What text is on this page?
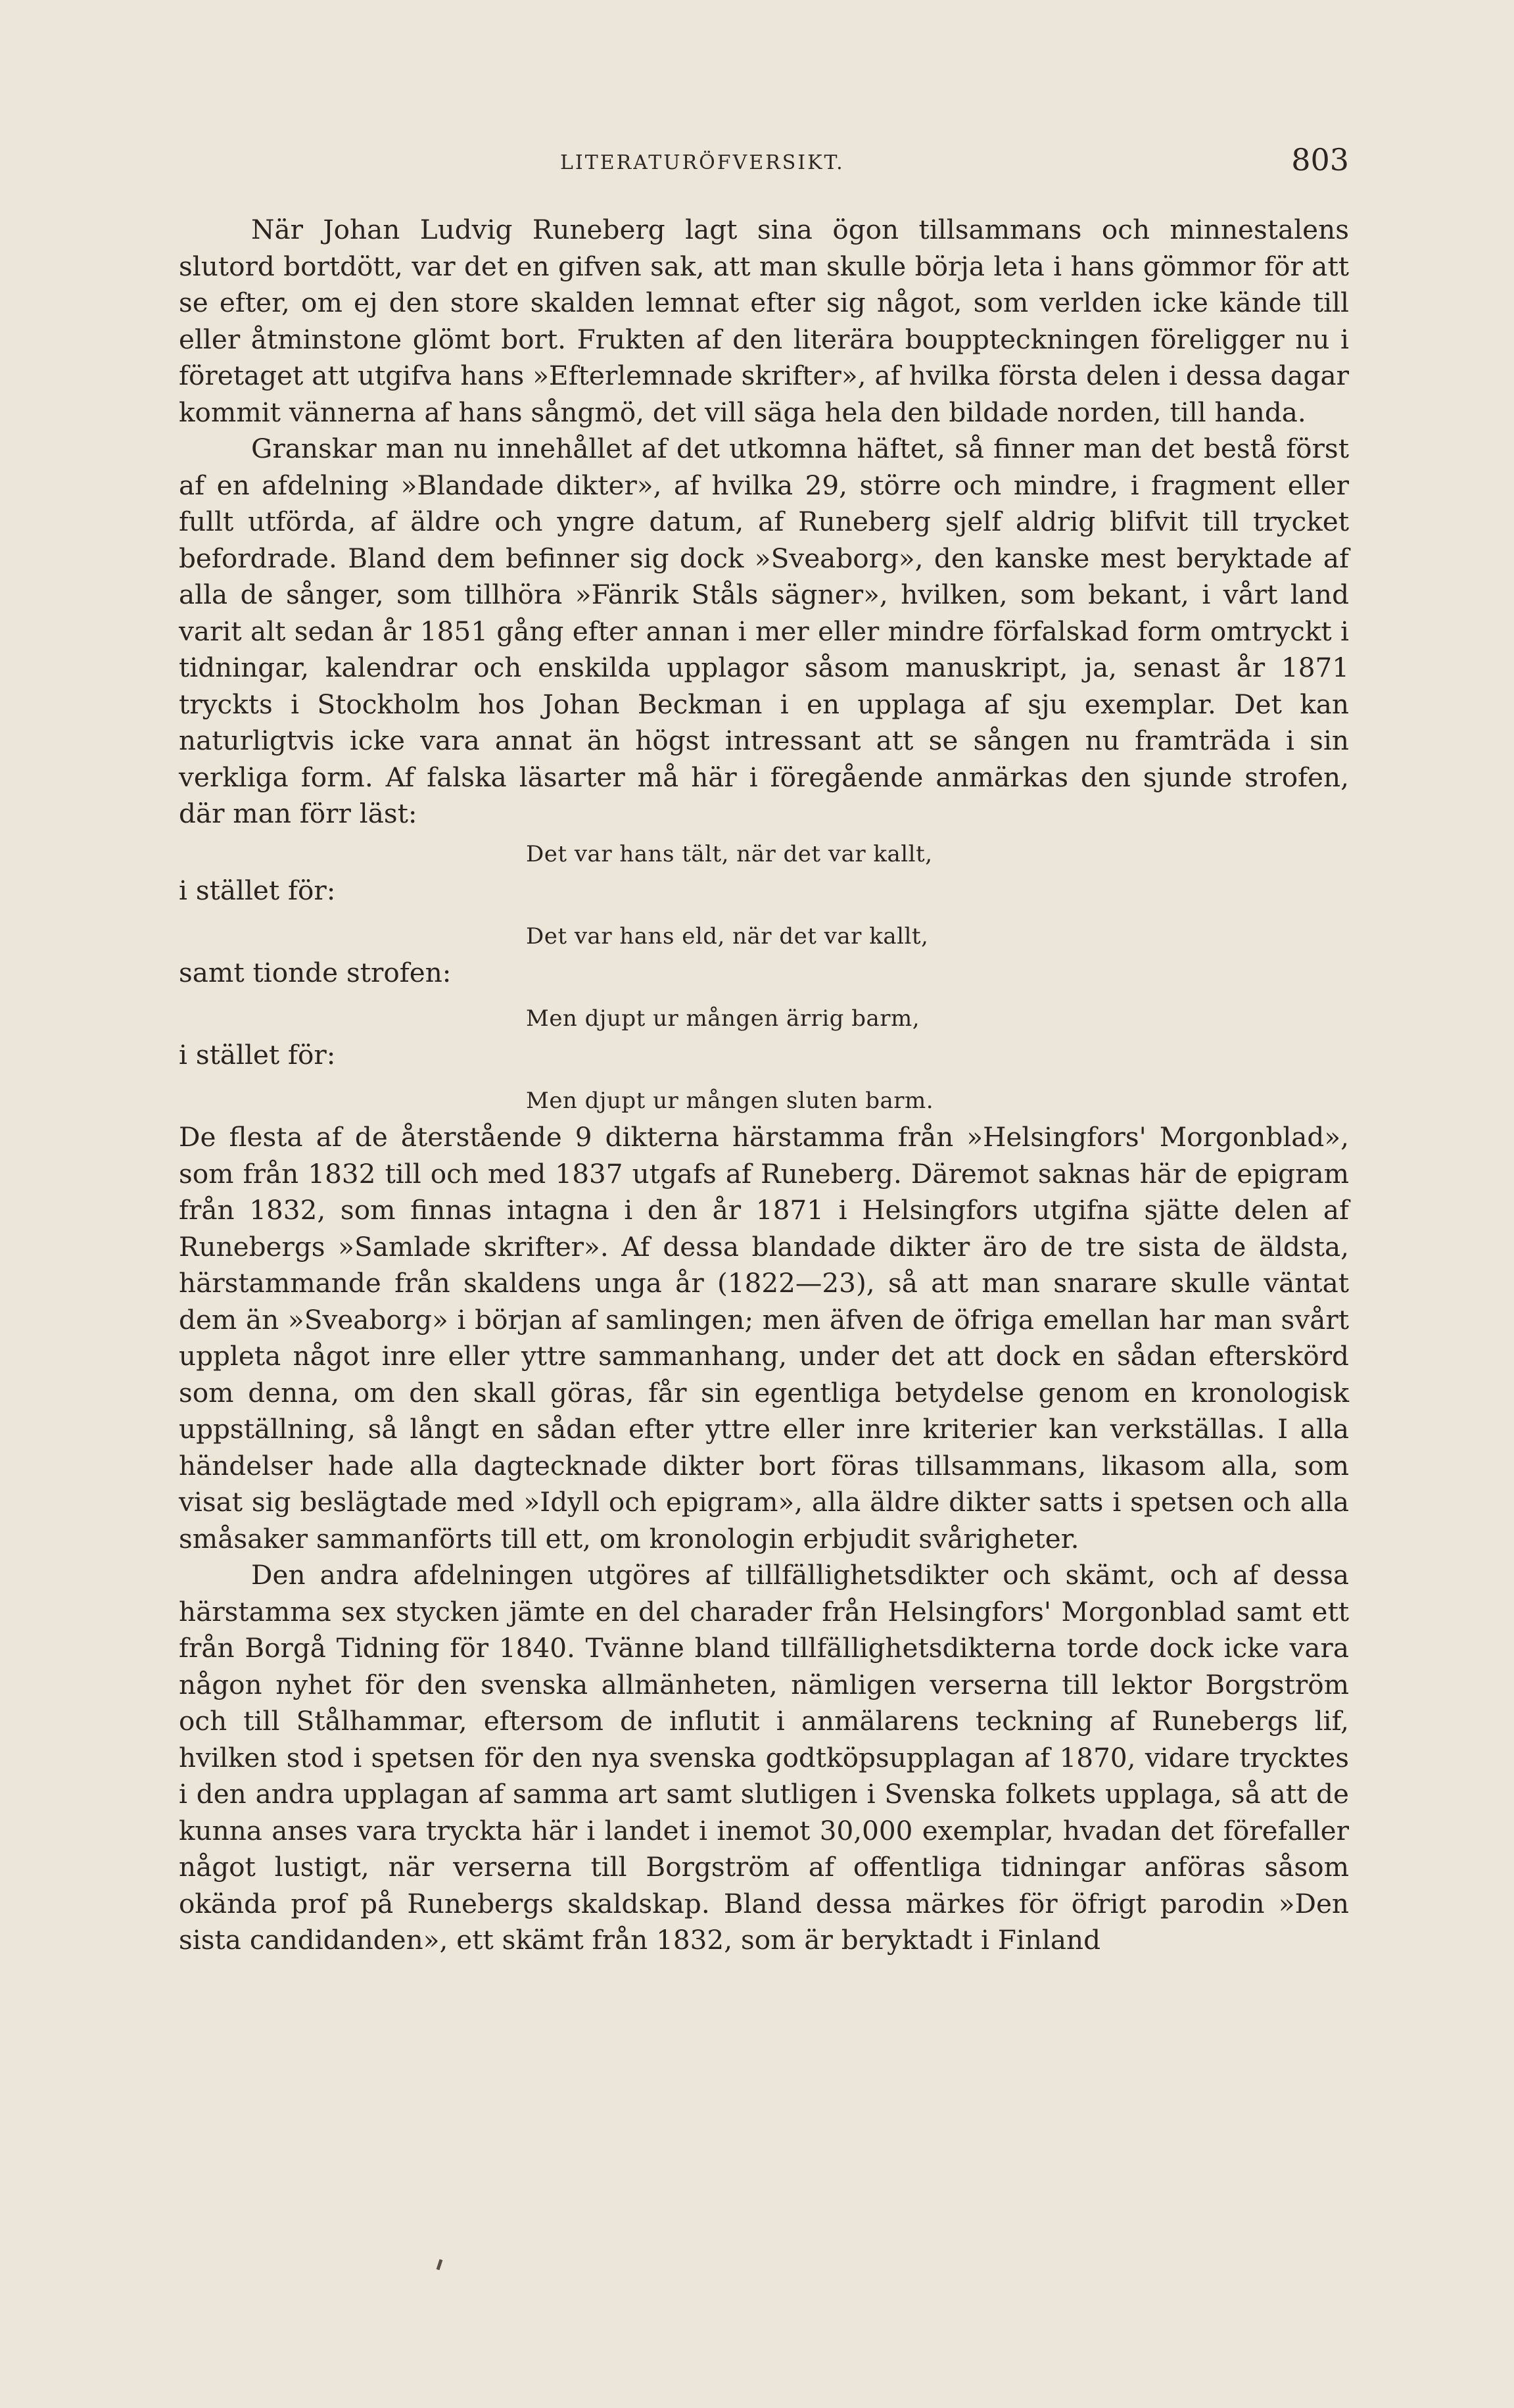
LITERATURÖFVERSIKT.	803

När Johan Ludvig Runeberg lagt sina ögon tillsammans och minnestalens slutord bortdött, var det en gifven sak, att man skulle börja leta i hans gömmor för att se efter, om ej den store skalden lemnat efter sig något, som verlden icke kände till eller åtminstone glömt bort. Frukten af den literära bouppteckningen föreligger nu i företaget att utgifva hans »Efterlemnade skrifter», af hvilka första delen i dessa dagar kommit vännerna af hans sångmö, det vill säga hela den bildade norden, till handa.

Granskar man nu innehållet af det utkomna häftet, så finner man det bestå först af en afdelning »Blandade dikter», af hvilka 29, större och mindre, i fragment eller fullt utförda, af äldre och yngre datum, af Runeberg sjelf aldrig blifvit till trycket befordrade. Bland dem befinner sig dock »Sveaborg», den kanske mest beryktade af alla de sånger, som tillhöra »Fänrik Ståls sägner», hvilken, som bekant, i vårt land varit alt sedan år 1851 gång efter annan i mer eller mindre förfalskad form omtryckt i tidningar, kalendrar och enskilda upplagor såsom manuskript, ja, senast år 1871 tryckts i Stockholm hos Johan Beckman i en upplaga af sju exemplar. Det kan naturligtvis icke vara annat än högst intressant att se sången nu framträda i sin verkliga form. Af falska läsarter må här i föregående anmärkas den sjunde strofen, där man förr läst:

Det var hans tält, när det var kallt,

i stället för:

Det var hans eld, när det var kallt,

samt tionde strofen:

Men djupt ur mången ärrig barm,

i stället för:

Men djupt ur mången sluten barm.

De flesta af de återstående 9 dikterna härstamma från »Helsingfors' Morgonblad», som från 1832 till och med 1837 utgafs af Runeberg. Däremot saknas här de epigram från 1832, som finnas intagna i den år 1871 i Helsingfors utgifna sjätte delen af Runebergs »Samlade skrifter». Af dessa blandade dikter äro de tre sista de äldsta, härstammande från skaldens unga år (1822—23), så att man snarare skulle väntat dem än »Sveaborg» i början af samlingen; men äfven de öfriga emellan har man svårt uppleta något inre eller yttre sammanhang, under det att dock en sådan efterskörd som denna, om den skall göras, får sin egentliga betydelse genom en kronologisk uppställning, så långt en sådan efter yttre eller inre kriterier kan verkställas. I alla händelser hade alla dagtecknade dikter bort föras tillsammans, likasom alla, som visat sig beslägtade med »Idyll och epigram», alla äldre dikter satts i spetsen och alla småsaker sammanförts till ett, om kronologin erbjudit svårigheter.

Den andra afdelningen utgöres af tillfällighetsdikter och skämt, och af dessa härstamma sex stycken jämte en del charader från Helsingfors' Morgonblad samt ett från Borgå Tidning för 1840. Tvänne bland tillfällighetsdikterna torde dock icke vara någon nyhet för den svenska allmänheten, nämligen verserna till lektor Borgström och till Stålhammar, eftersom de influtit i anmälarens teckning af Runebergs lif, hvilken stod i spetsen för den nya svenska godtköpsupplagan af 1870, vidare trycktes i den andra upplagan af samma art samt slutligen i Svenska folkets upplaga, så att de kunna anses vara tryckta här i landet i inemot 30,000 exemplar, hvadan det förefaller något lustigt, när verserna till Borgström af offentliga tidningar anföras såsom okända prof på Runebergs skaldskap. Bland dessa märkes för öfrigt parodin »Den sista candidanden», ett skämt från 1832, som är beryktadt i Finland
